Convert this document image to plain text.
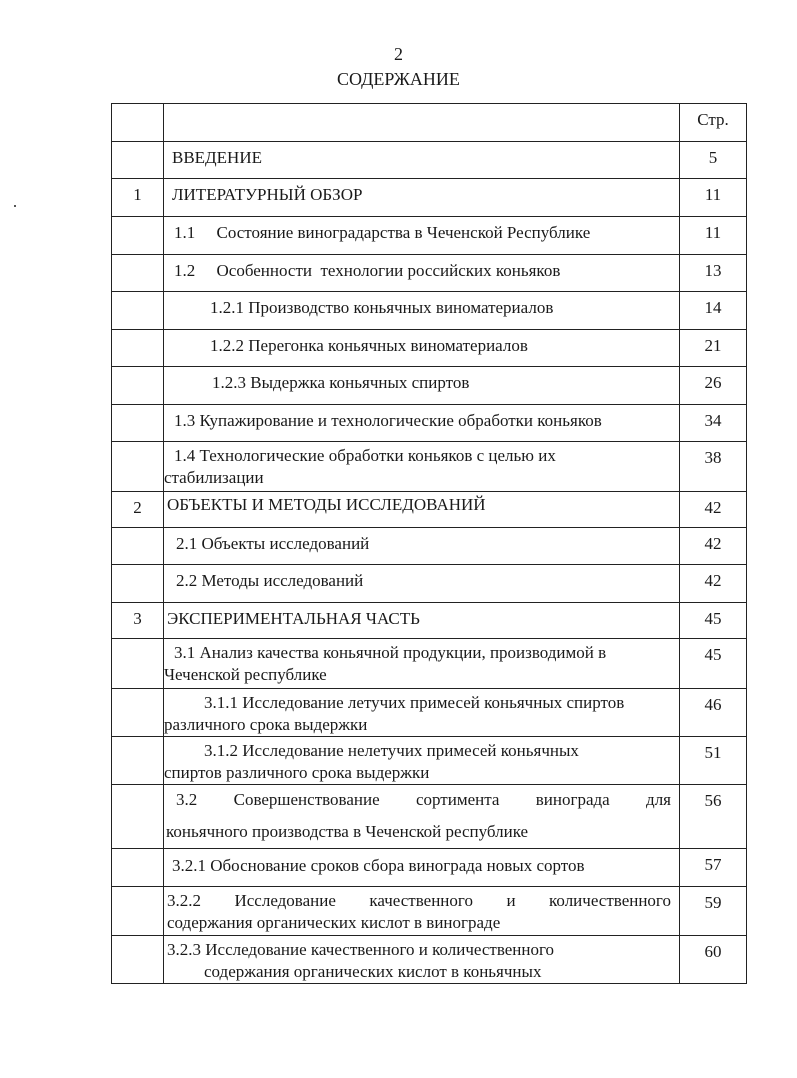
2
СОДЕРЖАНИЕ

		Стр.

	ВВЕДЕНИЕ	5

1	ЛИТЕРАТУРНЫЙ ОБЗОР	11

	1.1     Состояние виноградарства в Чеченской Республике	11

	1.2     Особенности  технологии российских коньяков	13

	1.2.1 Производство коньячных виноматериалов	14

	1.2.2 Перегонка коньячных виноматериалов	21

	1.2.3 Выдержка коньячных спиртов	26

	1.3 Купажирование и технологические обработки коньяков	34

	1.4 Технологические обработки коньяков с целью их
стабилизации	38

2	ОБЪЕКТЫ И МЕТОДЫ ИССЛЕДОВАНИЙ	42

	2.1 Объекты исследований	42

	2.2 Методы исследований	42

3	ЭКСПЕРИМЕНТАЛЬНАЯ ЧАСТЬ	45

	3.1 Анализ качества коньячной продукции, производимой в
Чеченской республике	45

	3.1.1 Исследование летучих примесей коньячных спиртов
различного срока выдержки	46

	3.1.2 Исследование нелетучих примесей коньячных
спиртов различного срока выдержки	51

	3.2 Совершенствование сортимента винограда для
коньячного производства в Чеченской республике	56

	3.2.1 Обоснование сроков сбора винограда новых сортов	57

	3.2.2 Исследование качественного и количественного
содержания органических кислот в винограде	59

	3.2.3 Исследование качественного и количественного
содержания органических кислот в коньячных	60
